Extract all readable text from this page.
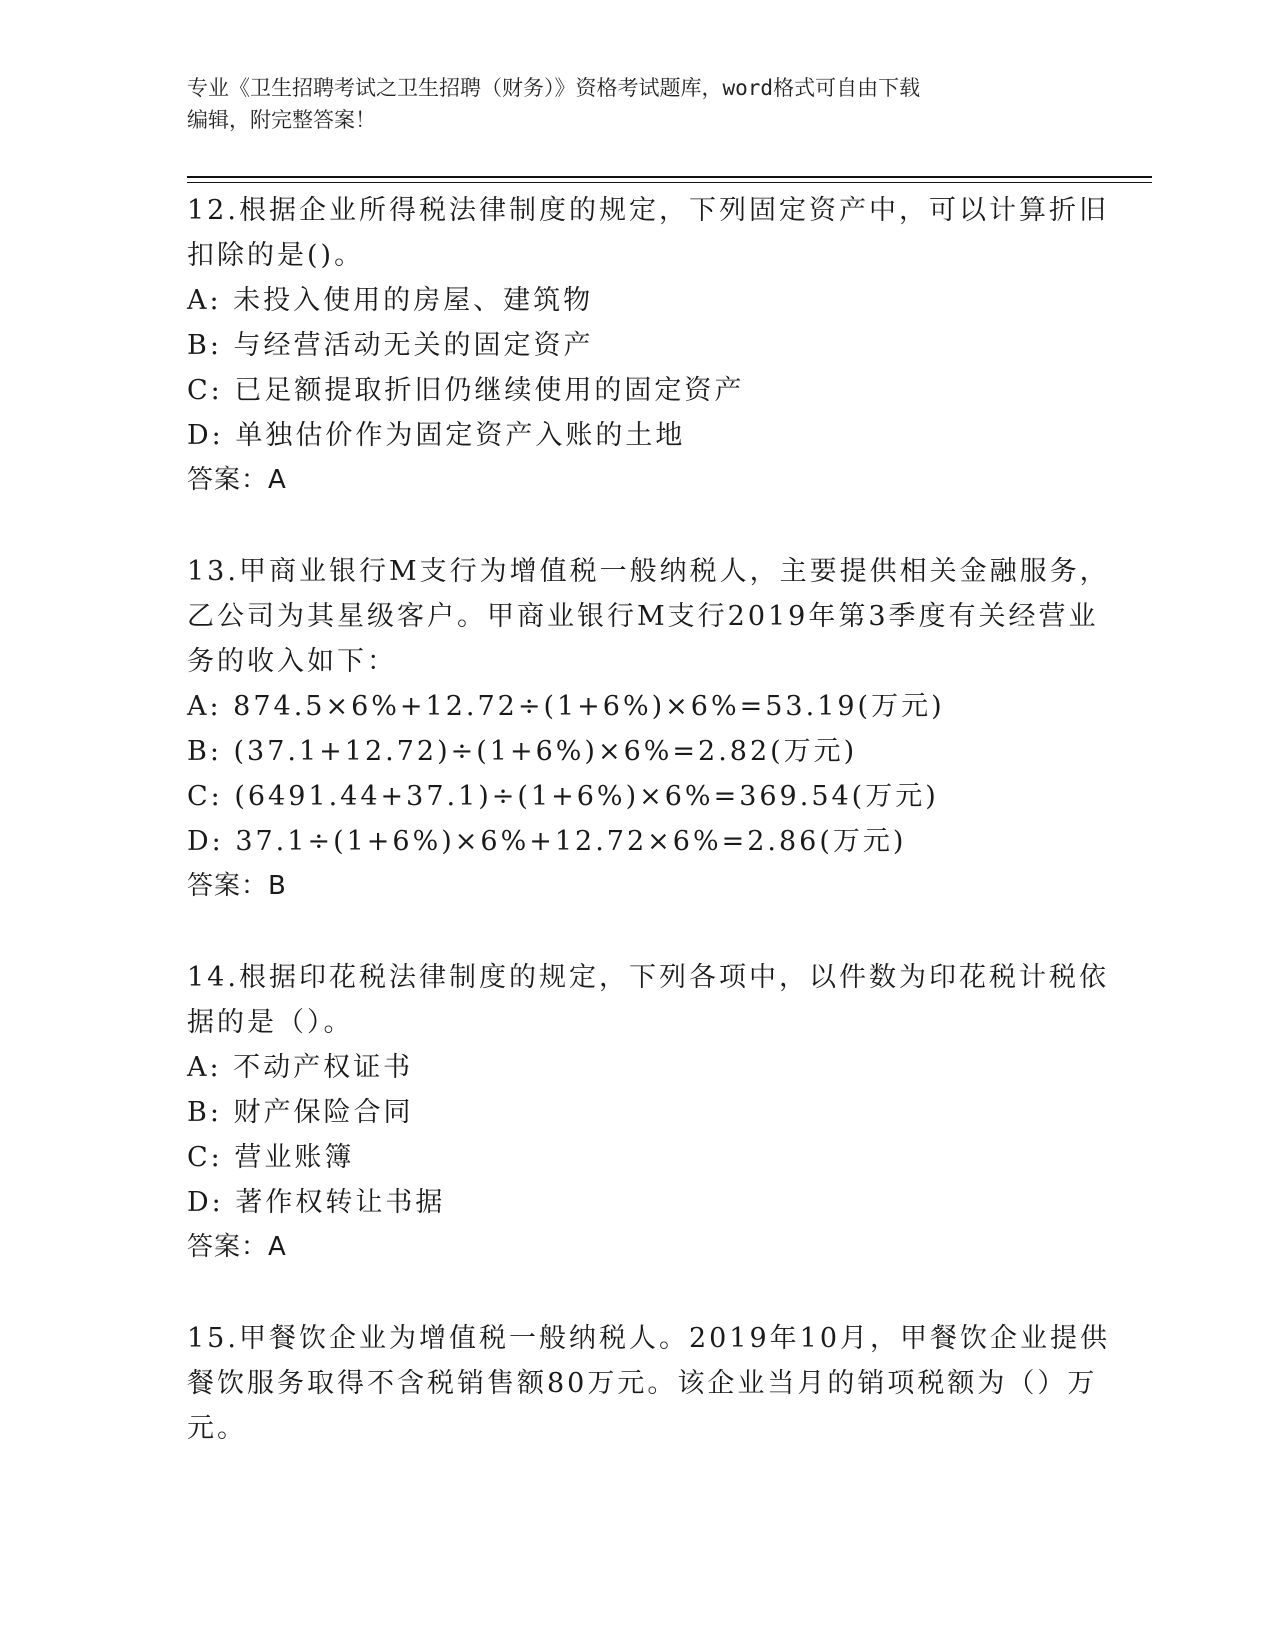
专业《卫生招聘考试之卫生招聘（财务）》资格考试题库，word格式可自由下载
编辑，附完整答案！
12.根据企业所得税法律制度的规定，下列固定资产中，可以计算折旧
扣除的是()。
A: 未投入使用的房屋、建筑物
B: 与经营活动无关的固定资产
C: 已足额提取折旧仍继续使用的固定资产
D: 单独估价作为固定资产入账的土地
答案：A
13.甲商业银行M支行为增值税一般纳税人，主要提供相关金融服务，
乙公司为其星级客户。甲商业银行M支行2019年第3季度有关经营业
务的收入如下：
A: 874.5×6%+12.72÷(1+6%)×6%=53.19(万元)
B: (37.1+12.72)÷(1+6%)×6%=2.82(万元)
C: (6491.44+37.1)÷(1+6%)×6%=369.54(万元)
D: 37.1÷(1+6%)×6%+12.72×6%=2.86(万元)
答案：B
14.根据印花税法律制度的规定，下列各项中，以件数为印花税计税依
据的是（）。
A: 不动产权证书
B: 财产保险合同
C: 营业账簿
D: 著作权转让书据
答案：A
15.甲餐饮企业为增值税一般纳税人。2019年10月，甲餐饮企业提供
餐饮服务取得不含税销售额80万元。该企业当月的销项税额为（）万
元。
